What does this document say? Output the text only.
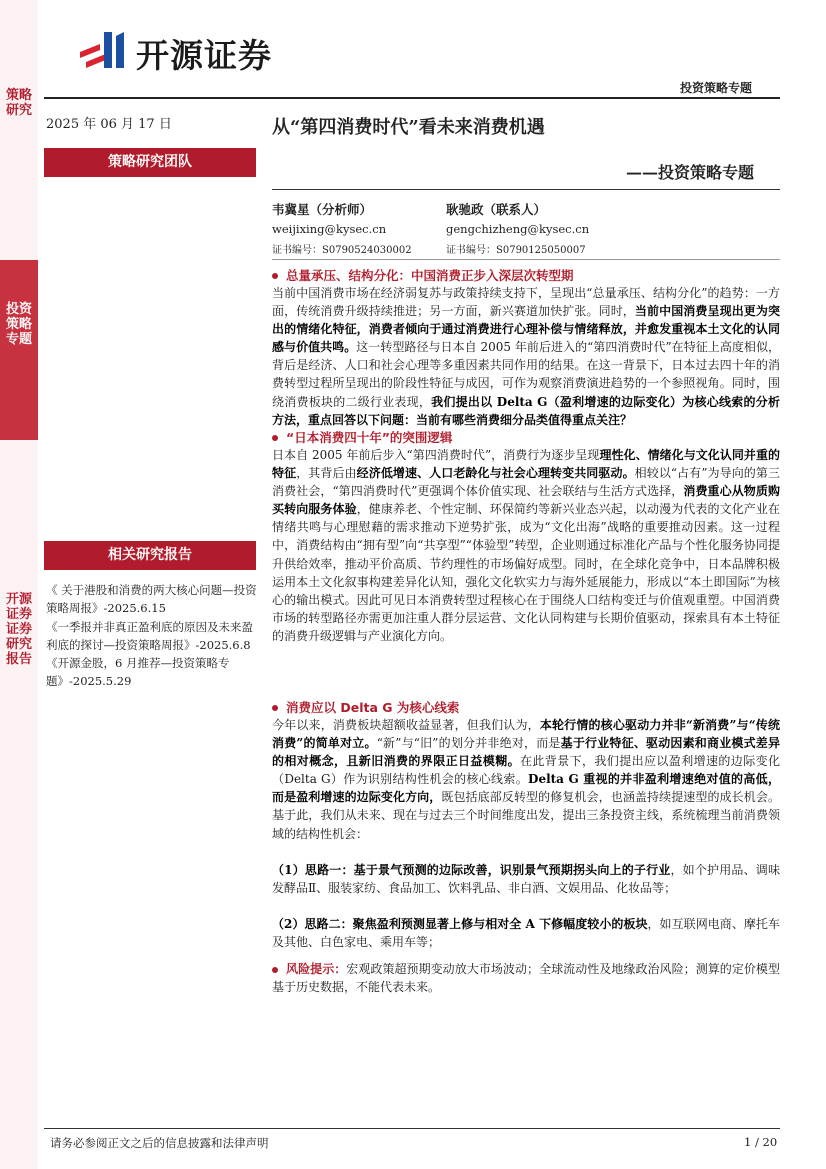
策略研究
投资策略专题
开源证券 证券研究报告
开源证券
投资策略专题
2025 年 06 月 17 日	从“第四消费时代”看未来消费机遇
——投资策略专题
策略研究团队
韦冀星（分析师）
weijixing@kysec.cn
证书编号：S0790524030002
耿驰政（联系人）
gengchizheng@kysec.cn
证书编号：S0790125050007
相关研究报告

《 关于港股和消费的两大核心问题—投资策略周报》-2025.6.15

《一季报并非真正盈利底的原因及未来盈利底的探讨—投资策略周报》-2025.6.8

《开源金股，6 月推荐—投资策略专题》-2025.5.29

总量承压、结构分化：中国消费正步入深层次转型期
当前中国消费市场在经济弱复苏与政策持续支持下，呈现出“总量承压、结构分化”的趋势：一方面，传统消费升级持续推进；另一方面，新兴赛道加快扩张。同时，当前中国消费呈现出更为突出的情绪化特征，消费者倾向于通过消费进行心理补偿与情绪释放，并愈发重视本土文化的认同感与价值共鸣。这一转型路径与日本自 2005 年前后进入的“第四消费时代”在特征上高度相似，背后是经济、人口和社会心理等多重因素共同作用的结果。在这一背景下，日本过去四十年的消费转型过程所呈现出的阶段性特征与成因，可作为观察消费演进趋势的一个参照视角。同时，围绕消费板块的二级行业表现，我们提出以 Delta G（盈利增速的边际变化）为核心线索的分析方法，重点回答以下问题：当前有哪些消费细分品类值得重点关注？
“日本消费四十年”的突围逻辑
日本自 2005 年前后步入“第四消费时代”，消费行为逐步呈现理性化、情绪化与文化认同并重的特征，其背后由经济低增速、人口老龄化与社会心理转变共同驱动。相较以“占有”为导向的第三消费社会，“第四消费时代”更强调个体价值实现、社会联结与生活方式选择，消费重心从物质购买转向服务体验，健康养老、个性定制、环保简约等新兴业态兴起，以动漫为代表的文化产业在情绪共鸣与心理慰藉的需求推动下逆势扩张，成为“文化出海”战略的重要推动因素。这一过程中，消费结构由“拥有型”向“共享型”“体验型”转型，企业则通过标准化产品与个性化服务协同提升供给效率，推动平价高质、节约理性的市场偏好成型。同时，在全球化竞争中，日本品牌积极运用本土文化叙事构建差异化认知，强化文化软实力与海外延展能力，形成以“本土即国际”为核心的输出模式。因此可见日本消费转型过程核心在于围绕人口结构变迁与价值观重塑。中国消费市场的转型路径亦需更加注重人群分层运营、文化认同构建与长期价值驱动，探索具有本土特征的消费升级逻辑与产业演化方向。
消费应以 Delta G 为核心线索
今年以来，消费板块超额收益显著，但我们认为，本轮行情的核心驱动力并非“新消费”与“传统消费”的简单对立。“新”与“旧”的划分并非绝对，而是基于行业特征、驱动因素和商业模式差异的相对概念，且新旧消费的界限正日益模糊。在此背景下，我们提出应以盈利增速的边际变化（Delta G）作为识别结构性机会的核心线索。Delta G 重视的并非盈利增速绝对值的高低，而是盈利增速的边际变化方向，既包括底部反转型的修复机会，也涵盖持续提速型的成长机会。基于此，我们从未来、现在与过去三个时间维度出发，提出三条投资主线，系统梳理当前消费领域的结构性机会：
（1）思路一：基于景气预测的边际改善，识别景气预期拐头向上的子行业，如个护用品、调味发酵品Ⅱ、服装家纺、食品加工、饮料乳品、非白酒、文娱用品、化妆品等；
（2）思路二：聚焦盈利预测显著上修与相对全 A 下修幅度较小的板块，如互联网电商、摩托车及其他、白色家电、乘用车等；
风险提示：宏观政策超预期变动放大市场波动；全球流动性及地缘政治风险；测算的定价模型基于历史数据，不能代表未来。
请务必参阅正文之后的信息披露和法律声明	1 / 20
